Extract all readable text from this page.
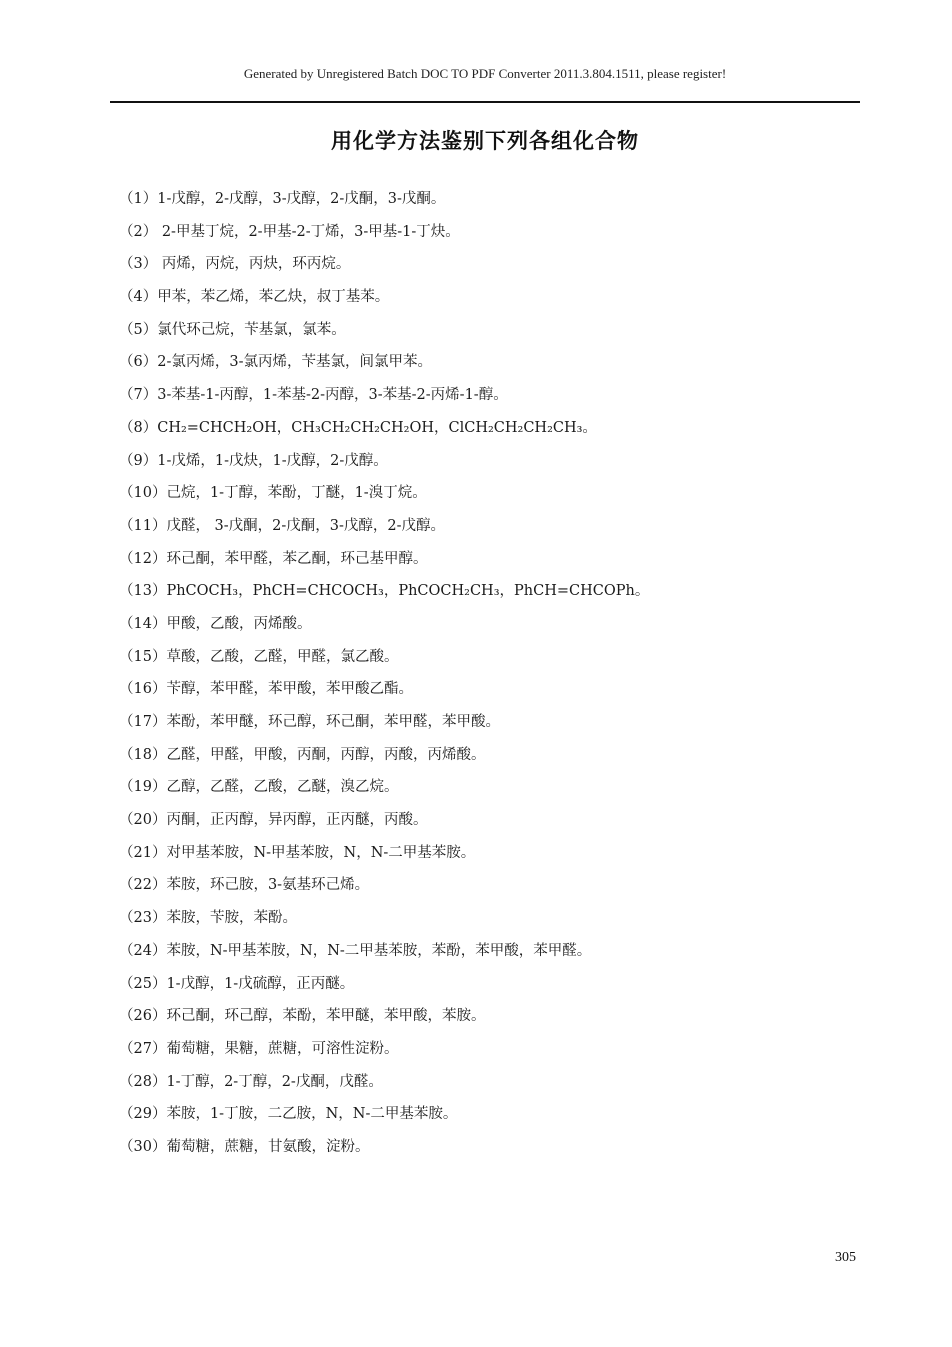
Generated by Unregistered Batch DOC TO PDF Converter 2011.3.804.1511, please register!
用化学方法鉴别下列各组化合物
（1）1-戊醇，2-戊醇，3-戊醇，2-戊酮，3-戊酮。
（2） 2-甲基丁烷，2-甲基-2-丁烯，3-甲基-1-丁炔。
（3） 丙烯，丙烷，丙炔，环丙烷。
（4）甲苯，苯乙烯，苯乙炔，叔丁基苯。
（5）氯代环己烷，苄基氯，氯苯。
（6）2-氯丙烯，3-氯丙烯，苄基氯，间氯甲苯。
（7）3-苯基-1-丙醇，1-苯基-2-丙醇，3-苯基-2-丙烯-1-醇。
（8）CH₂=CHCH₂OH，CH₃CH₂CH₂CH₂OH，ClCH₂CH₂CH₂CH₃。
（9）1-戊烯，1-戊炔，1-戊醇，2-戊醇。
（10）己烷，1-丁醇，苯酚，丁醚，1-溴丁烷。
（11）戊醛， 3-戊酮，2-戊酮，3-戊醇，2-戊醇。
（12）环己酮，苯甲醛，苯乙酮，环己基甲醇。
（13）PhCOCH₃，PhCH=CHCOCH₃，PhCOCH₂CH₃，PhCH=CHCOPh。
（14）甲酸，乙酸，丙烯酸。
（15）草酸，乙酸，乙醛，甲醛，氯乙酸。
（16）苄醇，苯甲醛，苯甲酸，苯甲酸乙酯。
（17）苯酚，苯甲醚，环己醇，环己酮，苯甲醛，苯甲酸。
（18）乙醛，甲醛，甲酸，丙酮，丙醇，丙酸，丙烯酸。
（19）乙醇，乙醛，乙酸，乙醚，溴乙烷。
（20）丙酮，正丙醇，异丙醇，正丙醚，丙酸。
（21）对甲基苯胺，N-甲基苯胺，N，N-二甲基苯胺。
（22）苯胺，环己胺，3-氨基环己烯。
（23）苯胺，苄胺，苯酚。
（24）苯胺，N-甲基苯胺，N，N-二甲基苯胺，苯酚，苯甲酸，苯甲醛。
（25）1-戊醇，1-戊硫醇，正丙醚。
（26）环己酮，环己醇，苯酚，苯甲醚，苯甲酸，苯胺。
（27）葡萄糖，果糖，蔗糖，可溶性淀粉。
（28）1-丁醇，2-丁醇，2-戊酮，戊醛。
（29）苯胺，1-丁胺，二乙胺，N，N-二甲基苯胺。
（30）葡萄糖，蔗糖，甘氨酸，淀粉。
305
